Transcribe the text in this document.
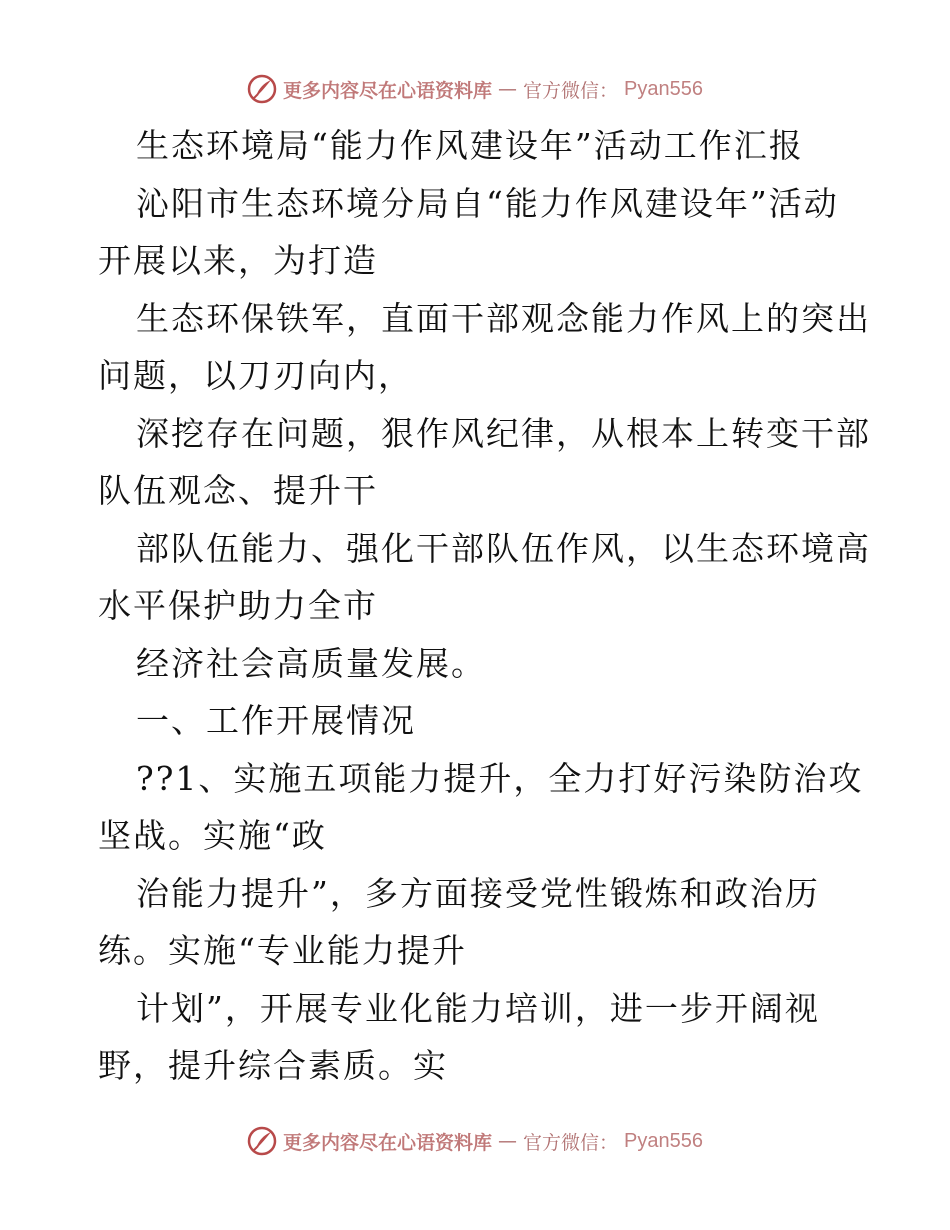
更多内容尽在心语资料库 — 官方微信： Pyan556
生态环境局“能力作风建设年”活动工作汇报
沁阳市生态环境分局自“能力作风建设年”活动
开展以来，为打造
生态环保铁军，直面干部观念能力作风上的突出
问题，以刀刃向内，
深挖存在问题，狠作风纪律，从根本上转变干部
队伍观念、提升干
部队伍能力、强化干部队伍作风，以生态环境高
水平保护助力全市
经济社会高质量发展。
一、工作开展情况
??1、实施五项能力提升，全力打好污染防治攻
坚战。实施“政
治能力提升”，多方面接受党性锻炼和政治历
练。实施“专业能力提升
计划”，开展专业化能力培训，进一步开阔视
野，提升综合素质。实
更多内容尽在心语资料库 — 官方微信： Pyan556
